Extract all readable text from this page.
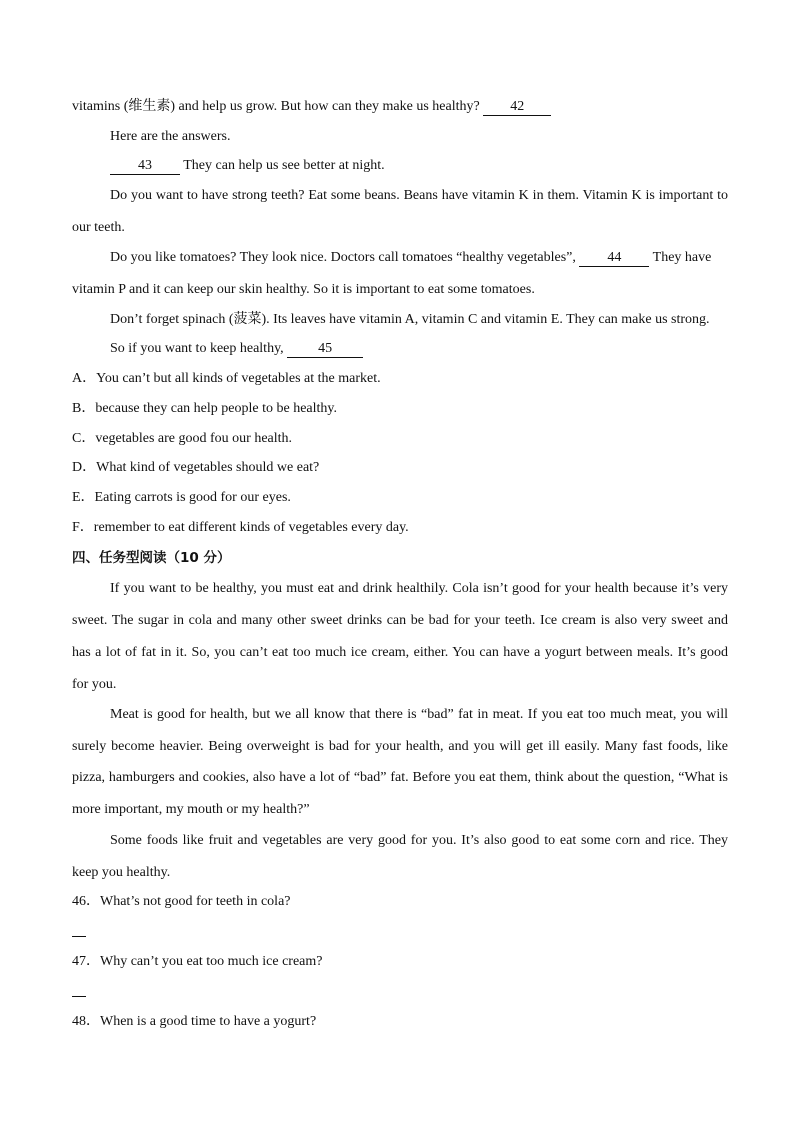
vitamins (维生素) and help us grow. But how can they make us healthy? 42

Here are the answers.

43 They can help us see better at night.

Do you want to have strong teeth? Eat some beans. Beans have vitamin K in them. Vitamin K is important to

our teeth.

Do you like tomatoes? They look nice. Doctors call tomatoes “healthy vegetables”, 44 They have

vitamin P and it can keep our skin healthy. So it is important to eat some tomatoes.

Don’t forget spinach (菠菜). Its leaves have vitamin A, vitamin C and vitamin E. They can make us strong.

So if you want to keep healthy, 45

A．You can’t but all kinds of vegetables at the market.

B．because they can help people to be healthy.

C．vegetables are good fou our health.

D．What kind of vegetables should we eat?

E．Eating carrots is good for our eyes.

F．remember to eat different kinds of vegetables every day.

四、任务型阅读（10 分）

If you want to be healthy, you must eat and drink healthily. Cola isn’t good for your health because it’s very

sweet. The sugar in cola and many other sweet drinks can be bad for your teeth. Ice cream is also very sweet and

has a lot of fat in it. So, you can’t eat too much ice cream, either. You can have a yogurt between meals. It’s good

for you.

Meat is good for health, but we all know that there is “bad” fat in meat. If you eat too much meat, you will

surely become heavier. Being overweight is bad for your health, and you will get ill easily. Many fast foods, like

pizza, hamburgers and cookies, also have a lot of “bad” fat. Before you eat them, think about the question, “What is

more important, my mouth or my health?”

Some foods like fruit and vegetables are very good for you. It’s also good to eat some corn and rice. They

keep you healthy.

46．What’s not good for teeth in cola?

47．Why can’t you eat too much ice cream?

48．When is a good time to have a yogurt?
